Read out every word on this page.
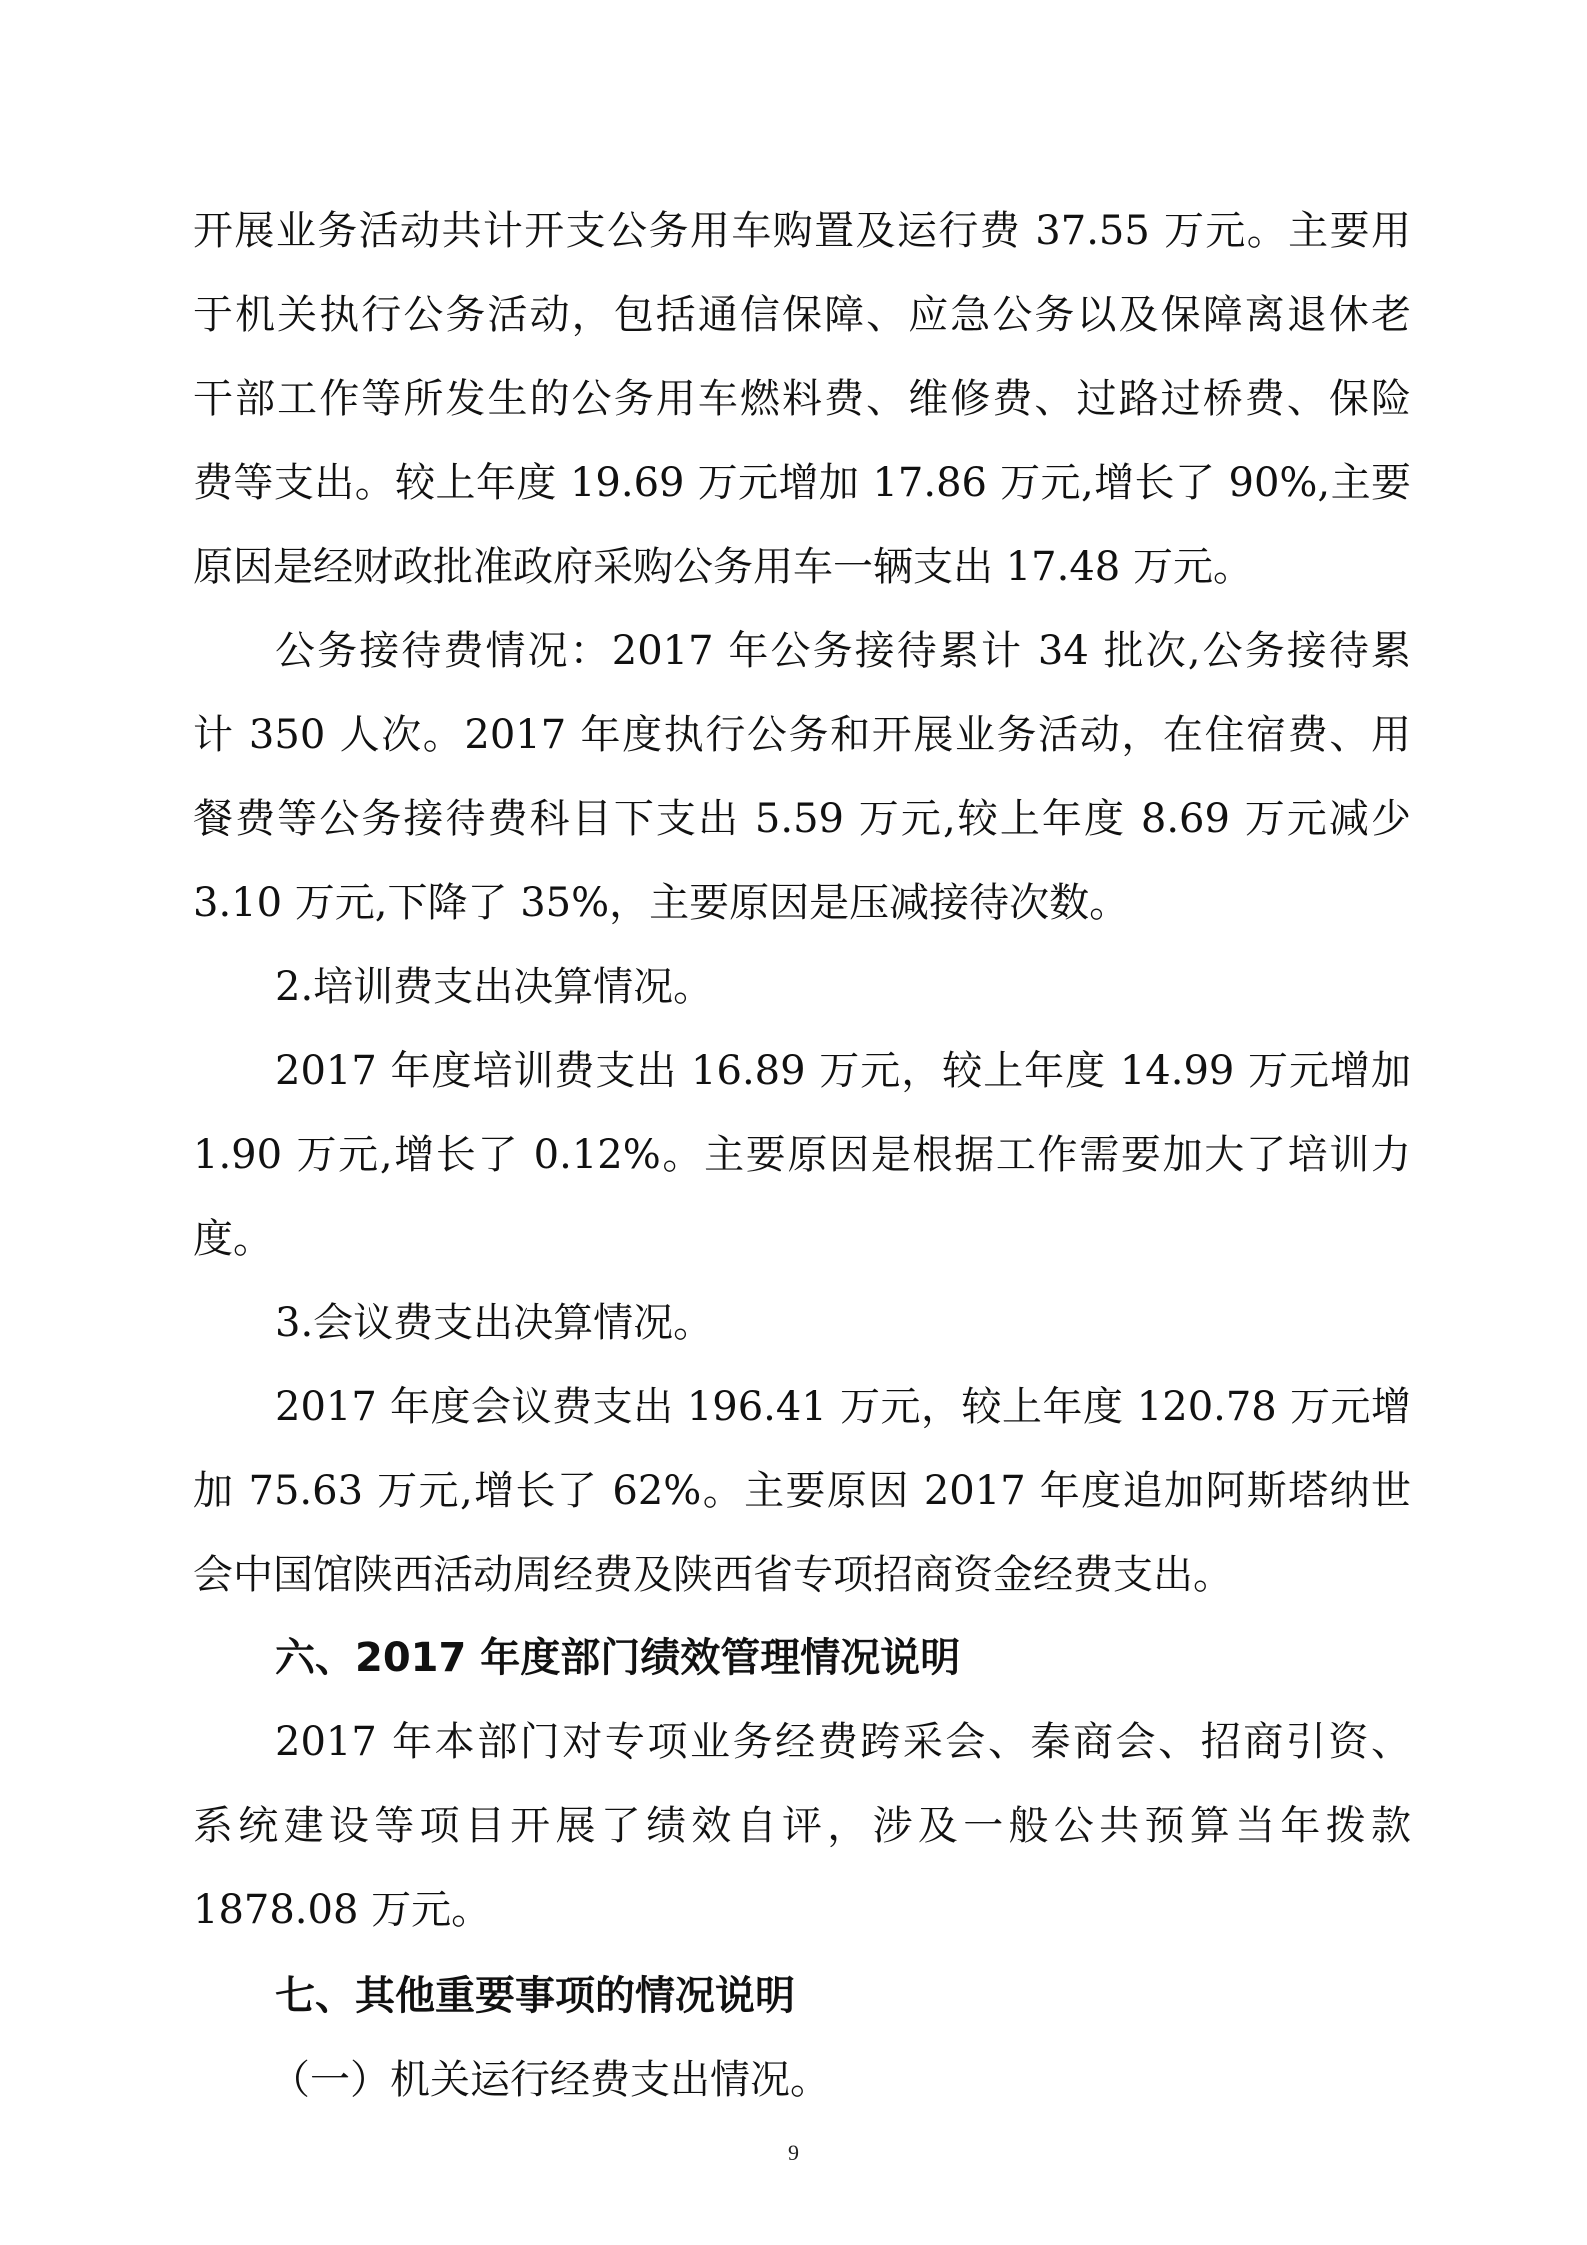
开展业务活动共计开支公务用车购置及运行费 37.55 万元。主要用
于机关执行公务活动，包括通信保障、应急公务以及保障离退休老
干部工作等所发生的公务用车燃料费、维修费、过路过桥费、保险
费等支出。较上年度 19.69 万元增加 17.86 万元,增长了 90%,主要
原因是经财政批准政府采购公务用车一辆支出 17.48 万元。
公务接待费情况：2017 年公务接待累计 34 批次,公务接待累
计 350 人次。2017 年度执行公务和开展业务活动，在住宿费、用
餐费等公务接待费科目下支出 5.59 万元,较上年度 8.69 万元减少
3.10 万元,下降了 35%，主要原因是压减接待次数。
2.培训费支出决算情况。
2017 年度培训费支出 16.89 万元，较上年度 14.99 万元增加
1.90 万元,增长了 0.12%。主要原因是根据工作需要加大了培训力
度。
3.会议费支出决算情况。
2017 年度会议费支出 196.41 万元，较上年度 120.78 万元增
加 75.63 万元,增长了 62%。主要原因 2017 年度追加阿斯塔纳世
会中国馆陕西活动周经费及陕西省专项招商资金经费支出。
六、2017 年度部门绩效管理情况说明
2017 年本部门对专项业务经费跨采会、秦商会、招商引资、
系统建设等项目开展了绩效自评，涉及一般公共预算当年拨款
1878.08 万元。
七、其他重要事项的情况说明
（一）机关运行经费支出情况。
9
